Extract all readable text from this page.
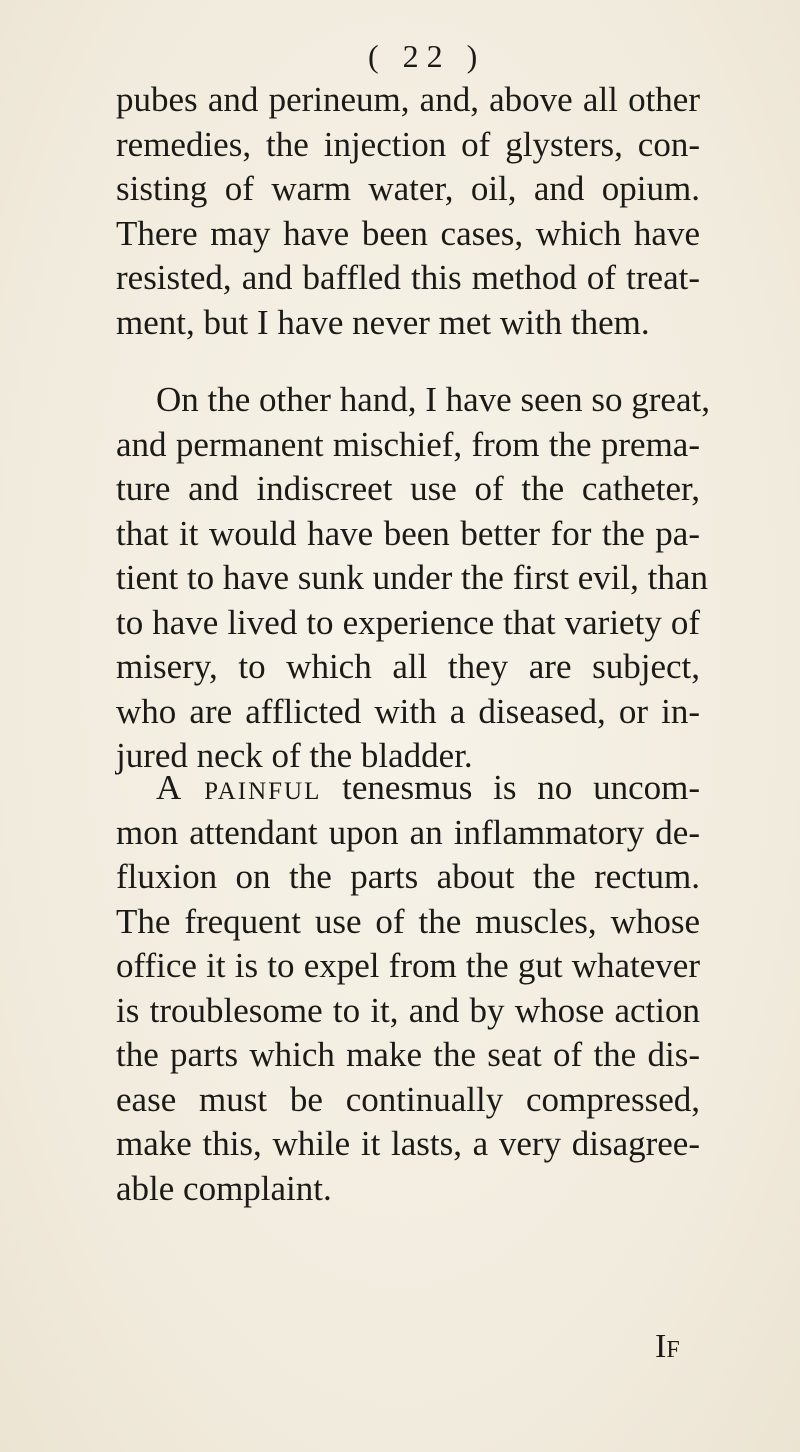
( 22 )
pubes and perineum, and, above all other
remedies, the injection of glysters, con-
sisting of warm water, oil, and opium.
There may have been cases, which have
resisted, and baffled this method of treat-
ment, but I have never met with them.
On the other hand, I have seen so great,
and permanent mischief, from the prema-
ture and indiscreet use of the catheter,
that it would have been better for the pa-
tient to have sunk under the first evil, than
to have lived to experience that variety of
misery, to which all they are subject,
who are afflicted with a diseased, or in-
jured neck of the bladder.
A painful tenesmus is no uncom-
mon attendant upon an inflammatory de-
fluxion on the parts about the rectum.
The frequent use of the muscles, whose
office it is to expel from the gut whatever
is troublesome to it, and by whose action
the parts which make the seat of the dis-
ease must be continually compressed,
make this, while it lasts, a very disagree-
able complaint.
If
